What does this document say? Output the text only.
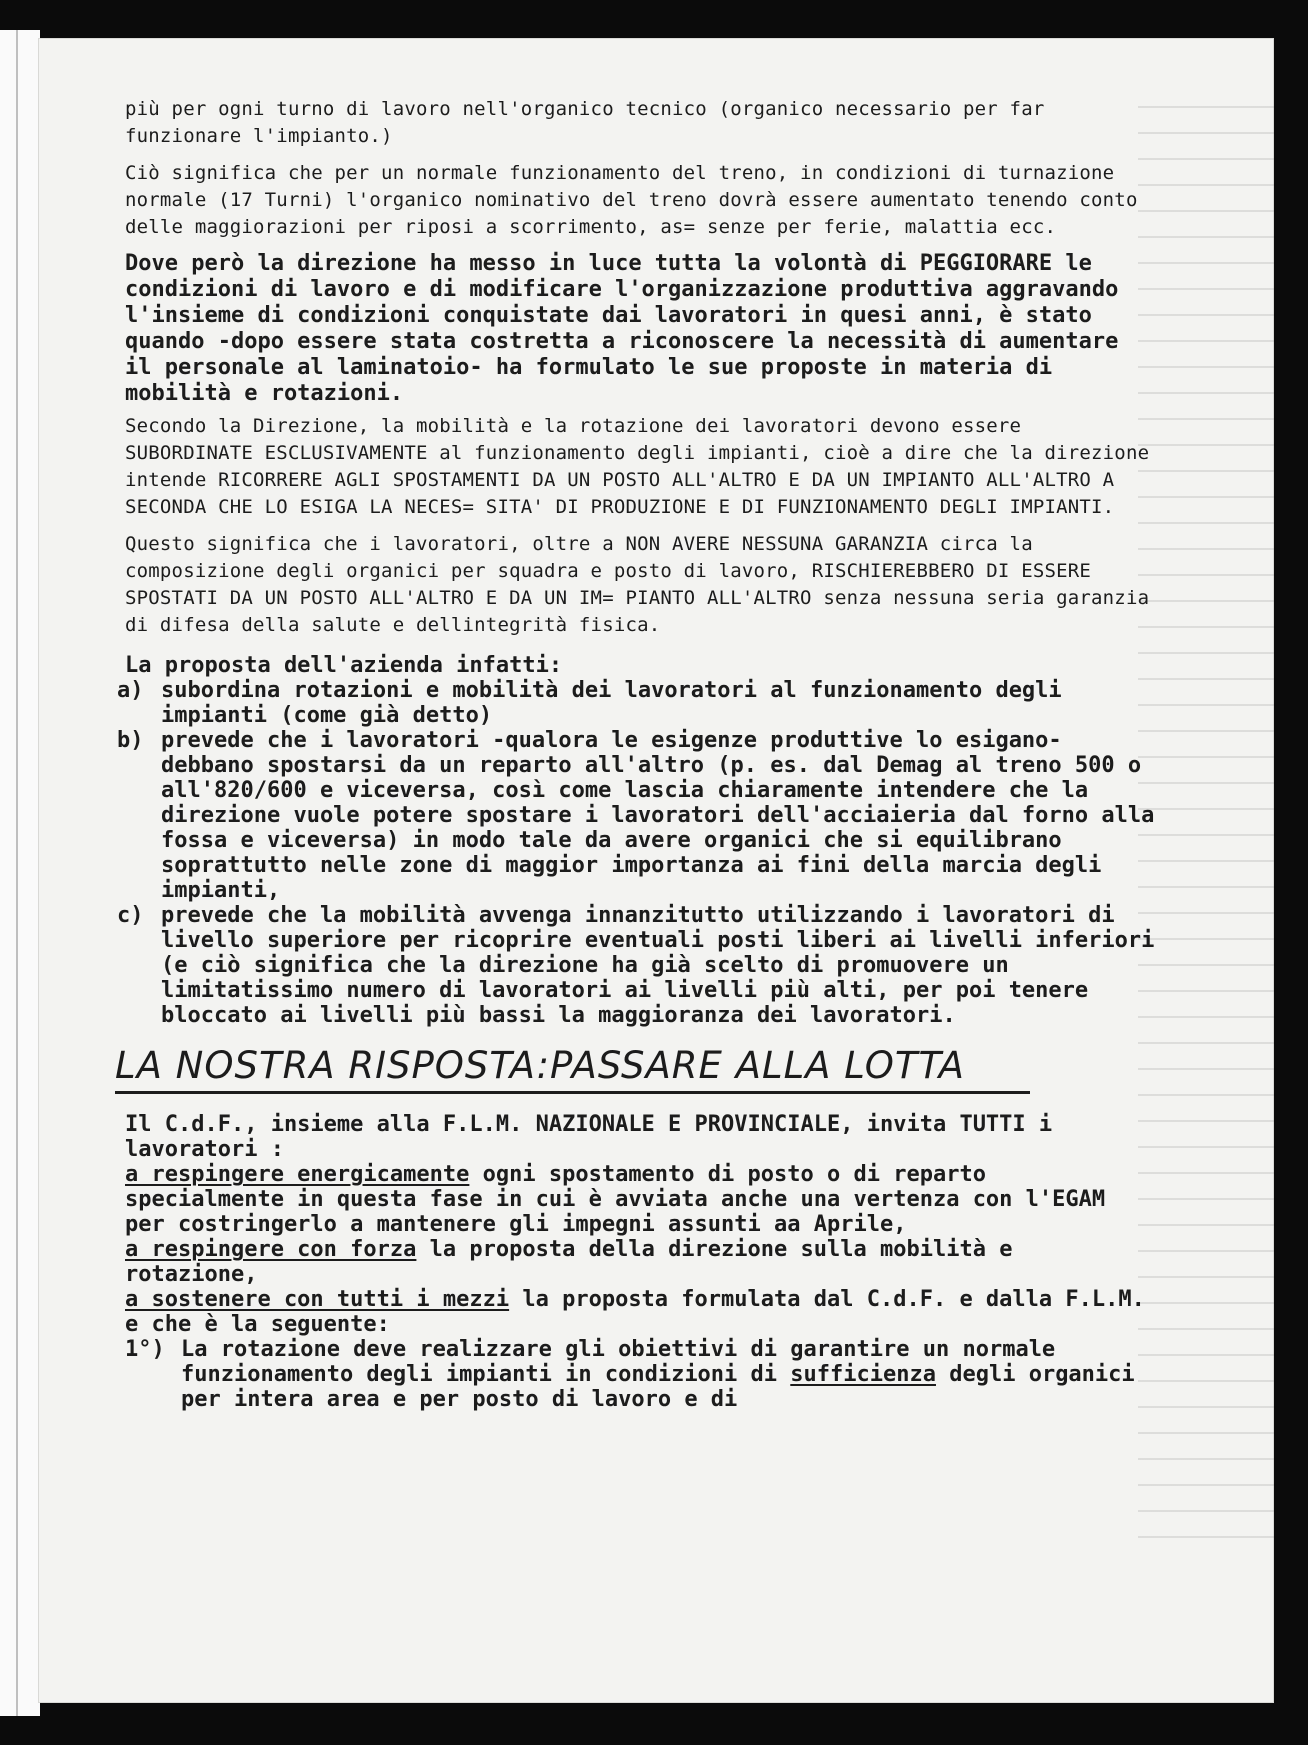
più per ogni turno di lavoro nell'organico tecnico (organico necessario per far funzionare l'impianto.)

Ciò significa che per un normale funzionamento del treno, in condizioni di turnazione normale (17 Turni) l'organico nominativo del treno dovrà essere aumentato tenendo conto delle maggiorazioni per riposi a scorrimento, as= senze per ferie, malattia ecc.

Dove però la direzione ha messo in luce tutta la volontà di PEGGIORARE le condizioni di lavoro e di modificare l'organizzazione produttiva aggravando l'insieme di condizioni conquistate dai lavoratori in quesi anni, è stato quando -dopo essere stata costretta a riconoscere la necessità di aumentare il personale al laminatoio- ha formulato le sue proposte in materia di mobilità e rotazioni.

Secondo la Direzione, la mobilità e la rotazione dei lavoratori devono essere SUBORDINATE ESCLUSIVAMENTE al funzionamento degli impianti, cioè a dire che la direzione intende RICORRERE AGLI SPOSTAMENTI DA UN POSTO ALL'ALTRO E DA UN IMPIANTO ALL'ALTRO A SECONDA CHE LO ESIGA LA NECES= SITA' DI PRODUZIONE E DI FUNZIONAMENTO DEGLI IMPIANTI.

Questo significa che i lavoratori, oltre a NON AVERE NESSUNA GARANZIA circa la composizione degli organici per squadra e posto di lavoro, RISCHIEREBBERO DI ESSERE SPOSTATI DA UN POSTO ALL'ALTRO E DA UN IM= PIANTO ALL'ALTRO senza nessuna seria garanzia di difesa della salute e dellintegrità fisica.

La proposta dell'azienda infatti:

a) subordina rotazioni e mobilità dei lavoratori al funzionamento degli impianti (come già detto)
b) prevede che i lavoratori -qualora le esigenze produttive lo esigano- debbano spostarsi da un reparto all'altro (p. es. dal Demag al treno 500 o all'820/600 e viceversa, così come lascia chiaramente intendere che la direzione vuole potere spostare i lavoratori dell'acciaieria dal forno alla fossa e viceversa) in modo tale da avere organici che si equilibrano soprattutto nelle zone di maggior importanza ai fini della marcia degli impianti,
c) prevede che la mobilità avvenga innanzitutto utilizzando i lavoratori di livello superiore per ricoprire eventuali posti liberi ai livelli inferiori (e ciò significa che la direzione ha già scelto di promuovere un limitatissimo numero di lavoratori ai livelli più alti, per poi tenere bloccato ai livelli più bassi la maggioranza dei lavoratori.
LA NOSTRA RISPOSTA:PASSARE ALLA LOTTA
Il C.d.F., insieme alla F.L.M. NAZIONALE E PROVINCIALE, invita TUTTI i lavoratori :
a respingere energicamente ogni spostamento di posto o di reparto specialmente in questa fase in cui è avviata anche una vertenza con l'EGAM per costringerlo a mantenere gli impegni assunti aa Aprile,
a respingere con forza la proposta della direzione sulla mobilità e rotazione,
a sostenere con tutti i mezzi la proposta formulata dal C.d.F. e dalla F.L.M. e che è la seguente:
1°) La rotazione deve realizzare gli obiettivi di garantire un normale funzionamento degli impianti in condizioni di sufficienza degli organici per intera area e per posto di lavoro e di
